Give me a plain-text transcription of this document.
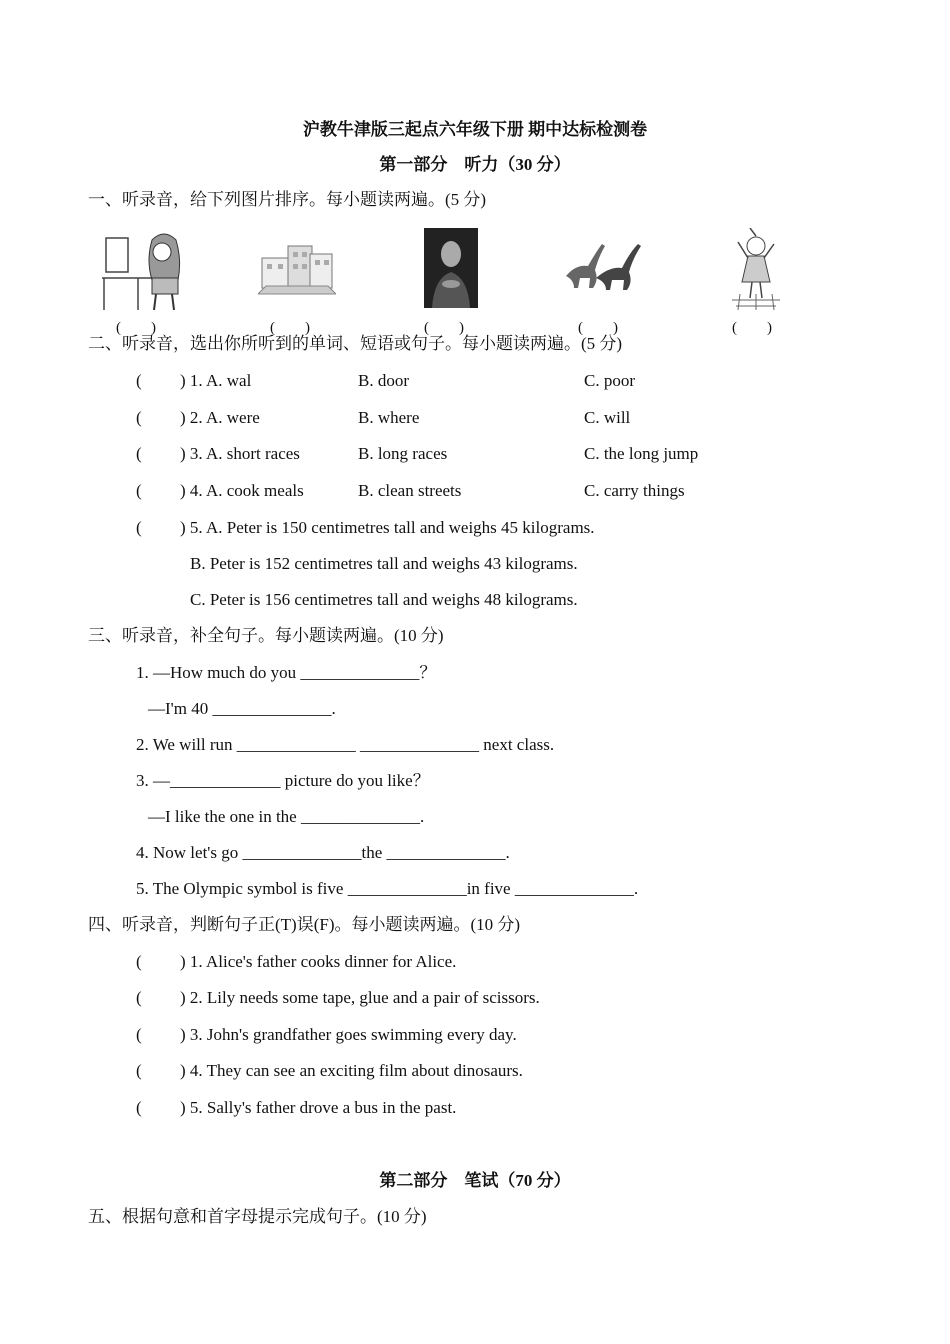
沪教牛津版三起点六年级下册 期中达标检测卷
第一部分　听力（30 分）
一、听录音，给下列图片排序。每小题读两遍。(5 分)
(　　)	(　　)	(　　)	(　　)	(　　)
二、听录音，选出你所听到的单词、短语或句子。每小题读两遍。(5 分)
( ) 1. A. wal	B. door	C. poor
( ) 2. A. were	B. where	C. will
( ) 3. A. short races	B. long races	C. the long jump
( ) 4. A. cook meals	B. clean streets	C. carry things
( ) 5. A. Peter is 150 centimetres tall and weighs 45 kilograms.
B. Peter is 152 centimetres tall and weighs 43 kilograms.
C. Peter is 156 centimetres tall and weighs 48 kilograms.
三、听录音，补全句子。每小题读两遍。(10 分)
1. —How much do you ______________？
—I'm 40 ______________.
2. We will run ______________ ______________ next class.
3. —_____________ picture do you like？
—I like the one in the ______________.
4. Now let's go ______________the ______________.
5. The Olympic symbol is five ______________in five ______________.
四、听录音，判断句子正(T)误(F)。每小题读两遍。(10 分)
( ) 1. Alice's father cooks dinner for Alice.
( ) 2. Lily needs some tape, glue and a pair of scissors.
( ) 3. John's grandfather goes swimming every day.
( ) 4. They can see an exciting film about dinosaurs.
( ) 5. Sally's father drove a bus in the past.
第二部分　笔试（70 分）
五、根据句意和首字母提示完成句子。(10 分)
